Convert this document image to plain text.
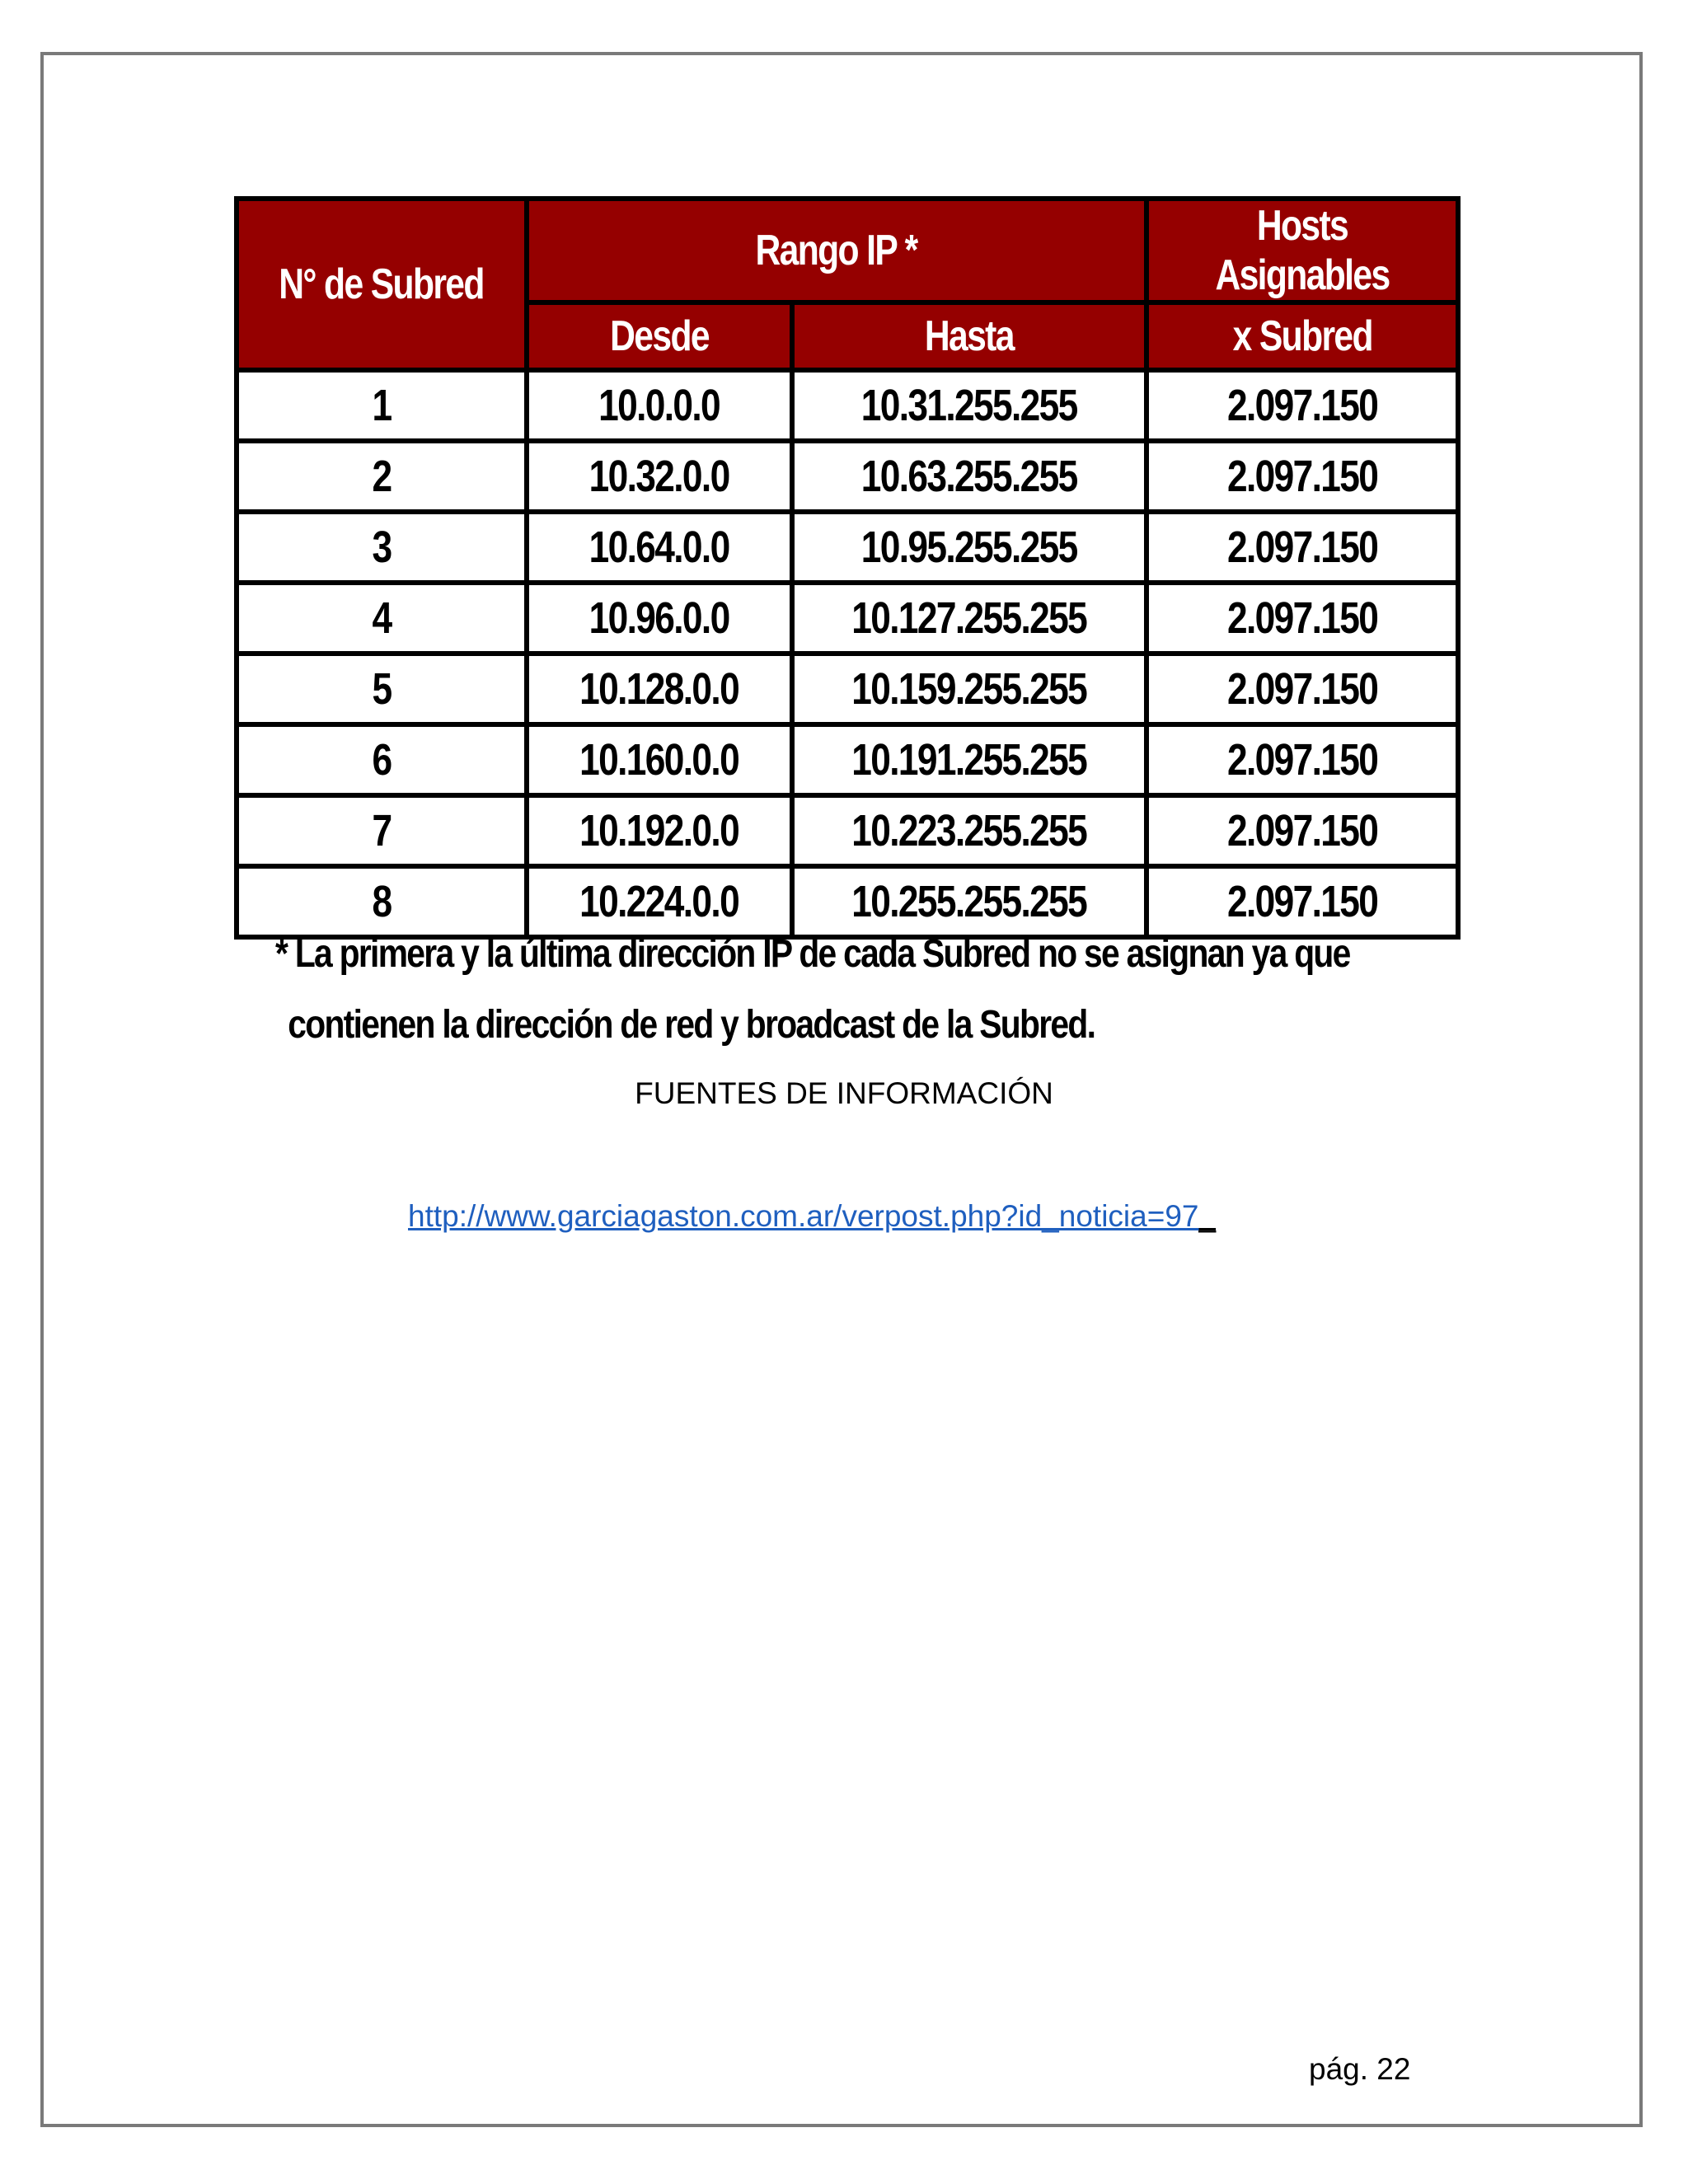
N° de Subred	Rango IP *		Hosts Asignables
	Desde	Hasta	x Subred
1	10.0.0.0	10.31.255.255	2.097.150
2	10.32.0.0	10.63.255.255	2.097.150
3	10.64.0.0	10.95.255.255	2.097.150
4	10.96.0.0	10.127.255.255	2.097.150
5	10.128.0.0	10.159.255.255	2.097.150
6	10.160.0.0	10.191.255.255	2.097.150
7	10.192.0.0	10.223.255.255	2.097.150
8	10.224.0.0	10.255.255.255	2.097.150
* La primera y la última dirección IP de cada Subred no se asignan ya que
contienen la dirección de red y broadcast de la Subred.
FUENTES DE INFORMACIÓN
http://www.garciagaston.com.ar/verpost.php?id_noticia=97_
pág. 22
